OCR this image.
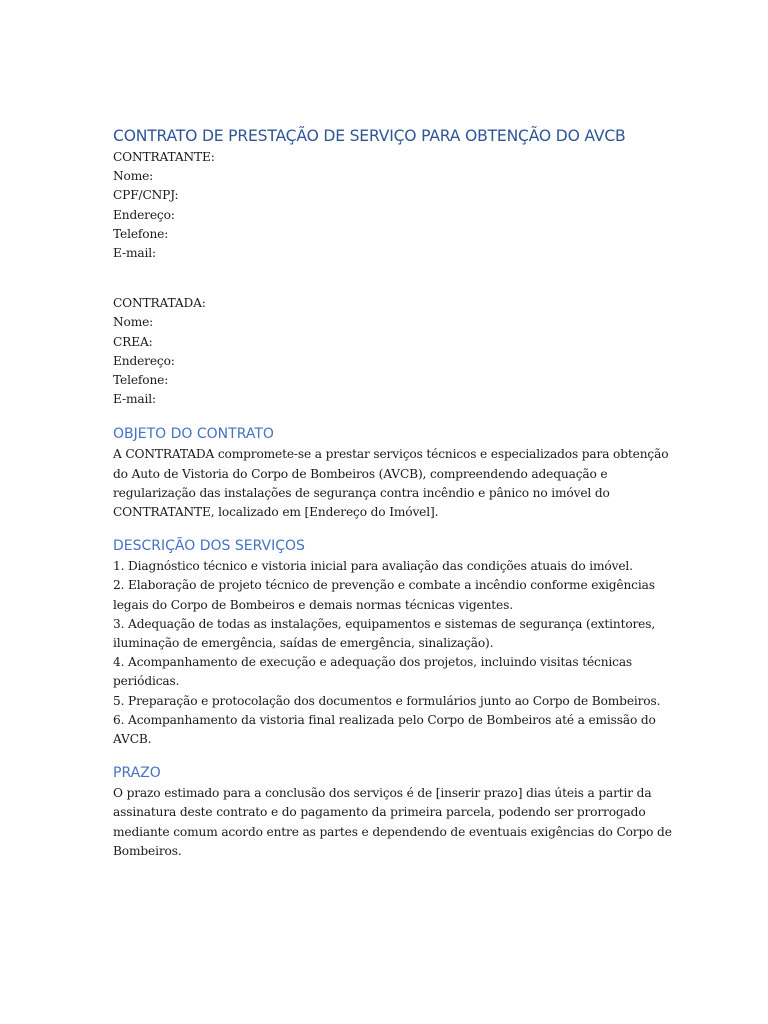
CONTRATO DE PRESTAÇÃO DE SERVIÇO PARA OBTENÇÃO DO AVCB
CONTRATANTE:
Nome:
CPF/CNPJ:
Endereço:
Telefone:
E-mail:
CONTRATADA:
Nome:
CREA:
Endereço:
Telefone:
E-mail:
OBJETO DO CONTRATO
A CONTRATADA compromete-se a prestar serviços técnicos e especializados para obtenção
do Auto de Vistoria do Corpo de Bombeiros (AVCB), compreendendo adequação e
regularização das instalações de segurança contra incêndio e pânico no imóvel do
CONTRATANTE, localizado em [Endereço do Imóvel].
DESCRIÇÃO DOS SERVIÇOS
1. Diagnóstico técnico e vistoria inicial para avaliação das condições atuais do imóvel.
2. Elaboração de projeto técnico de prevenção e combate a incêndio conforme exigências
legais do Corpo de Bombeiros e demais normas técnicas vigentes.
3. Adequação de todas as instalações, equipamentos e sistemas de segurança (extintores,
iluminação de emergência, saídas de emergência, sinalização).
4. Acompanhamento de execução e adequação dos projetos, incluindo visitas técnicas
periódicas.
5. Preparação e protocolação dos documentos e formulários junto ao Corpo de Bombeiros.
6. Acompanhamento da vistoria final realizada pelo Corpo de Bombeiros até a emissão do
AVCB.
PRAZO
O prazo estimado para a conclusão dos serviços é de [inserir prazo] dias úteis a partir da
assinatura deste contrato e do pagamento da primeira parcela, podendo ser prorrogado
mediante comum acordo entre as partes e dependendo de eventuais exigências do Corpo de
Bombeiros.
